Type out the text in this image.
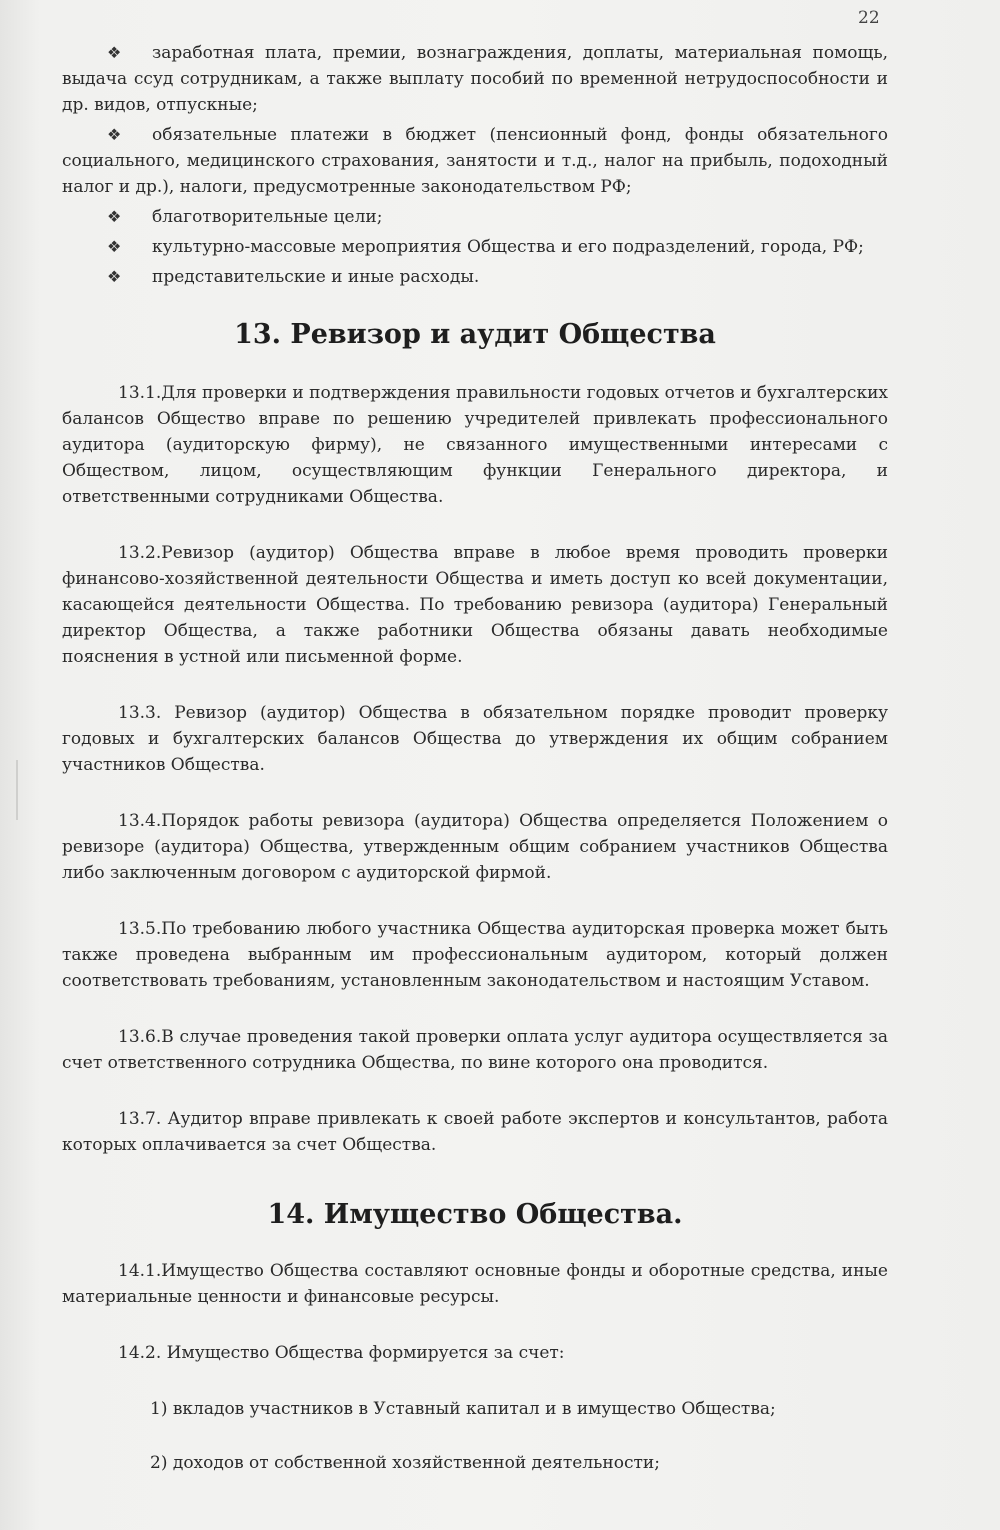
22
❖	заработная плата, премии, вознаграждения, доплаты, материальная помощь, выдача ссуд сотрудникам, а также выплату пособий по временной нетрудоспособности и др. видов, отпускные;
❖	обязательные платежи в бюджет (пенсионный фонд, фонды обязательного социального, медицинского страхования, занятости и т.д., налог на прибыль, подоходный налог и др.), налоги, предусмотренные законодательством РФ;
❖ благотворительные цели;
❖ культурно-массовые мероприятия Общества и его подразделений, города, РФ;
❖ представительские и иные расходы.
13. Ревизор и аудит Общества

13.1.Для проверки и подтверждения правильности годовых отчетов и бухгалтерских балансов Общество вправе по решению учредителей привлекать профессионального аудитора (аудиторскую фирму), не связанного имущественными интересами с Обществом, лицом, осуществляющим функции Генерального директора, и ответственными сотрудниками Общества.

13.2.Ревизор (аудитор) Общества вправе в любое время проводить проверки финансово-хозяйственной деятельности Общества и иметь доступ ко всей документации, касающейся деятельности Общества. По требованию ревизора (аудитора) Генеральный директор Общества, а также работники Общества обязаны давать необходимые пояснения в устной или письменной форме.

13.3. Ревизор (аудитор) Общества в обязательном порядке проводит проверку годовых и бухгалтерских балансов Общества до утверждения их общим собранием участников Общества.

13.4.Порядок работы ревизора (аудитора) Общества определяется Положением о ревизоре (аудитора) Общества, утвержденным общим собранием участников Общества либо заключенным договором с аудиторской фирмой.

13.5.По требованию любого участника Общества аудиторская проверка может быть также проведена выбранным им профессиональным аудитором, который должен соответствовать требованиям, установленным законодательством и настоящим Уставом.

13.6.В случае проведения такой проверки оплата услуг аудитора осуществляется за счет ответственного сотрудника Общества, по вине которого она проводится.

13.7. Аудитор вправе привлекать к своей работе экспертов и консультантов, работа которых оплачивается за счет Общества.

14. Имущество Общества.

14.1.Имущество Общества составляют основные фонды и оборотные средства, иные материальные ценности и финансовые ресурсы.

14.2. Имущество Общества формируется за счет:

1) вкладов участников в Уставный капитал и в имущество Общества;

2) доходов от собственной хозяйственной деятельности;
